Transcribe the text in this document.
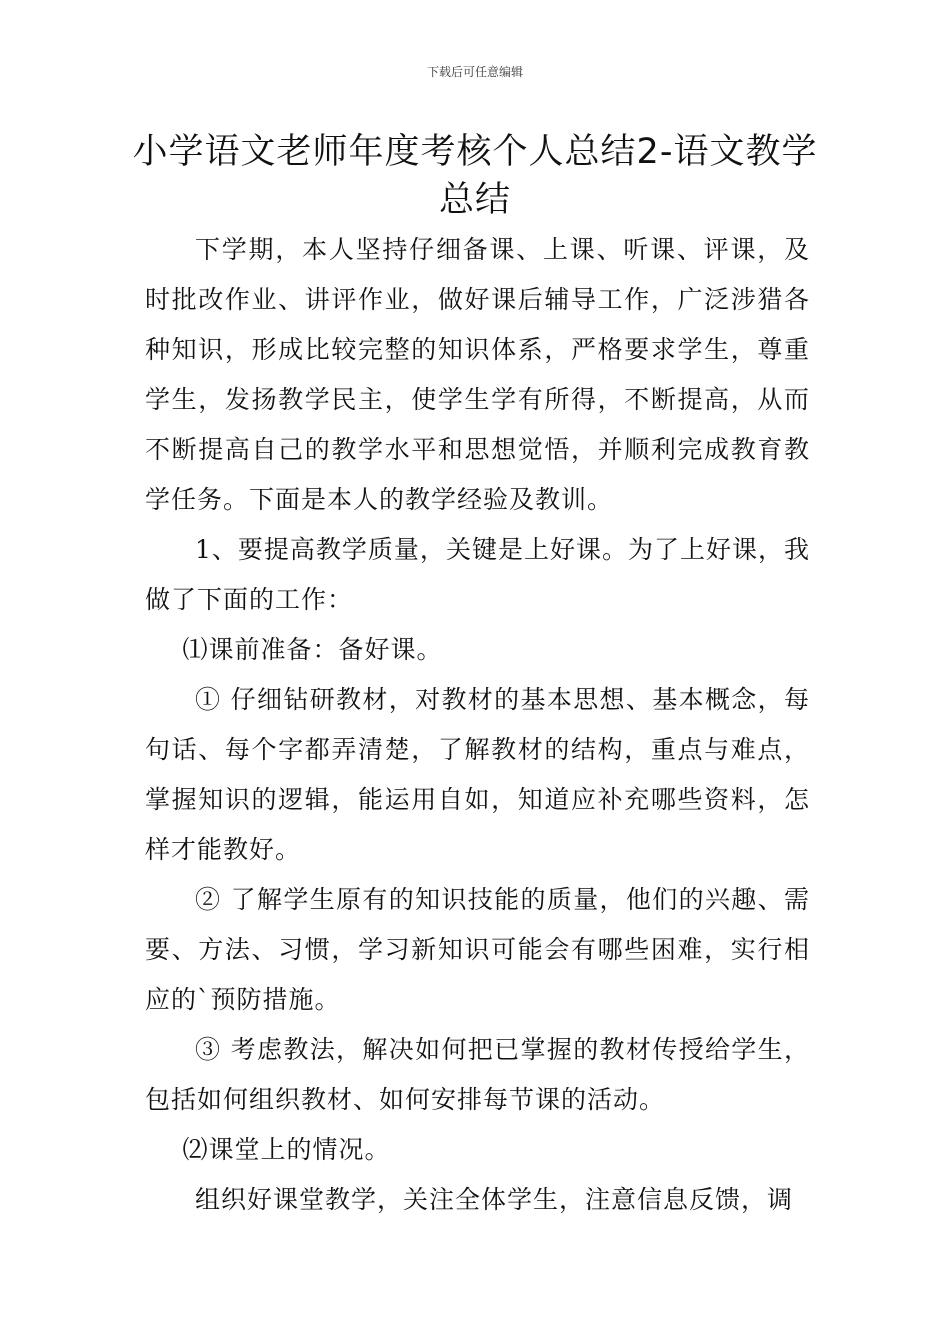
下载后可任意编辑
小学语文老师年度考核个人总结2-语文教学总结

下学期，本人坚持仔细备课、上课、听课、评课，及时批改作业、讲评作业，做好课后辅导工作，广泛涉猎各种知识，形成比较完整的知识体系，严格要求学生，尊重学生，发扬教学民主，使学生学有所得，不断提高，从而不断提高自己的教学水平和思想觉悟，并顺利完成教育教学任务。下面是本人的教学经验及教训。

1、要提高教学质量，关键是上好课。为了上好课，我做了下面的工作：

⑴课前准备：备好课。

① 仔细钻研教材，对教材的基本思想、基本概念，每句话、每个字都弄清楚，了解教材的结构，重点与难点，掌握知识的逻辑，能运用自如，知道应补充哪些资料，怎样才能教好。

② 了解学生原有的知识技能的质量，他们的兴趣、需要、方法、习惯，学习新知识可能会有哪些困难，实行相应的`预防措施。

③ 考虑教法，解决如何把已掌握的教材传授给学生，包括如何组织教材、如何安排每节课的活动。

⑵课堂上的情况。

组织好课堂教学，关注全体学生，注意信息反馈，调
